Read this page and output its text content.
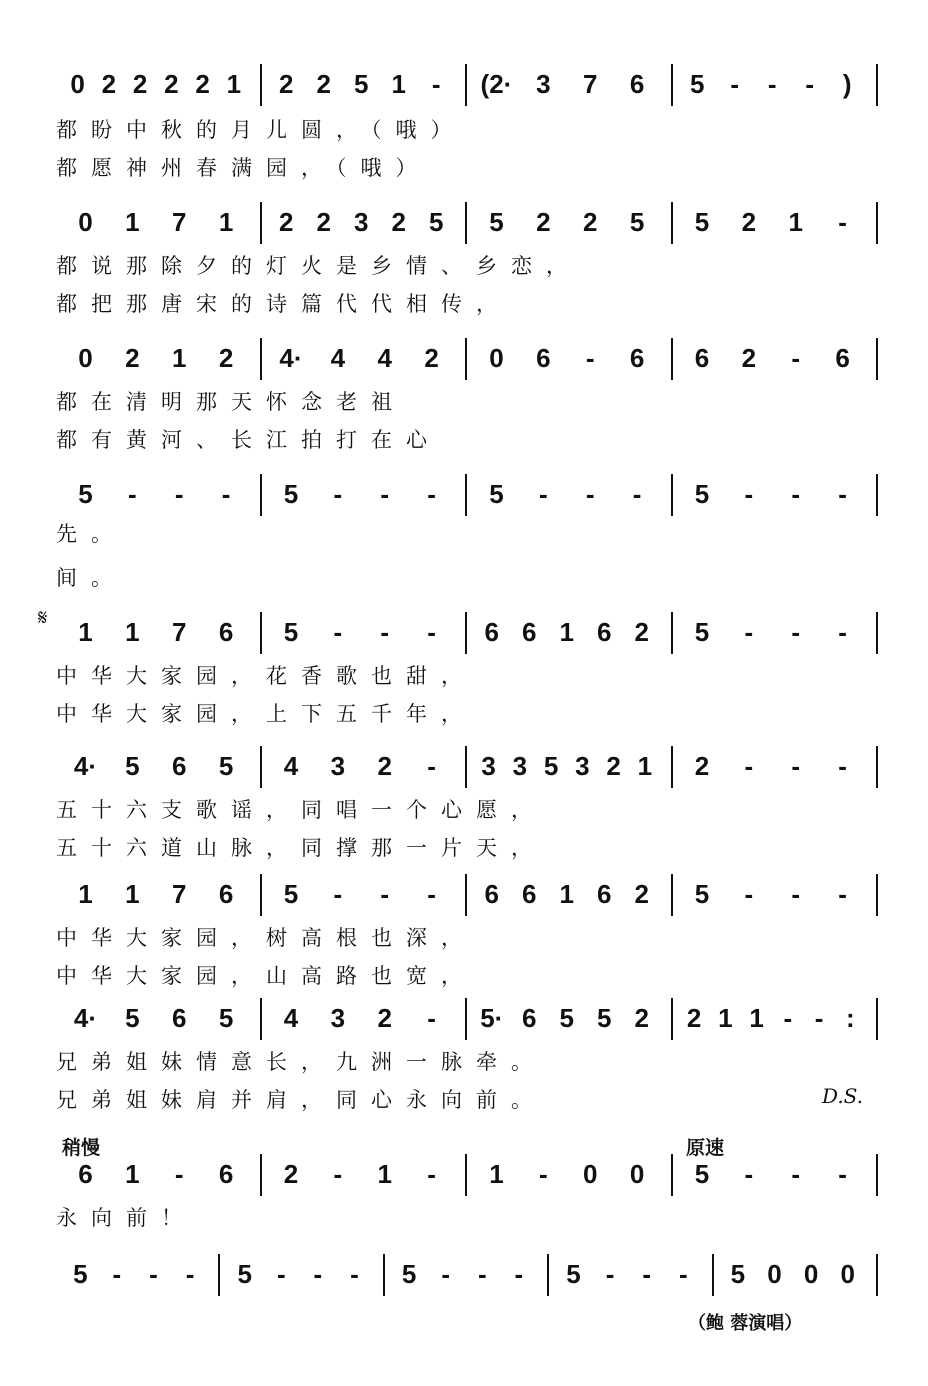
0 2 2 2 2 1	2 2 5 1 -	(2· 3	7	6	5 -	-	-	)
都盼中秋的月儿圆，（哦）
都愿神州春满园，（哦）
0	1	7	1	2 2 3 2 5	5	2	2	5	5	2	1	-
都说那除夕的灯火是乡情、乡恋，
都把那唐宋的诗篇代代相传，
0	2	1	2	4·	4	4	2	0	6	-	6	6	2	-	6
都在清明那天怀念老祖
都有黄河、长江拍打在心
5	-	-	-	5	-	-	-	5	-	-	-	5	-	-	-
先。
间。
1	1	7	6	5	-	-	-	6 6 1 6 2	5	-	-	-
中华大家园，花香歌也甜，
中华大家园，上下五千年，
4·	5	6	5	4	3	2	-	3 3 5 3 2 1	2	-	-	-
五十六支歌谣，同唱一个心愿，
五十六道山脉，同撑那一片天，
1	1	7	6	5	-	-	-	6 6 1 6 2	5	-	-	-
中华大家园，树高根也深，
中华大家园，山高路也宽，
4·	5	6	5	4	3	2	-	5· 6 5 5 2	2 1 1 - - :
兄弟姐妹情意长，九洲一脉牵。
兄弟姐妹肩并肩，同心永向前。
6	1	-	6	2	-	1	-	1	-	0	0	5	-	-	-
永向前！
5 -	-	-	5 -	-	-	5 -	-	-	5 -	-	-	5 0 0 0
稍慢	原速
D.S.
𝄋
（鲍 蓉演唱）
